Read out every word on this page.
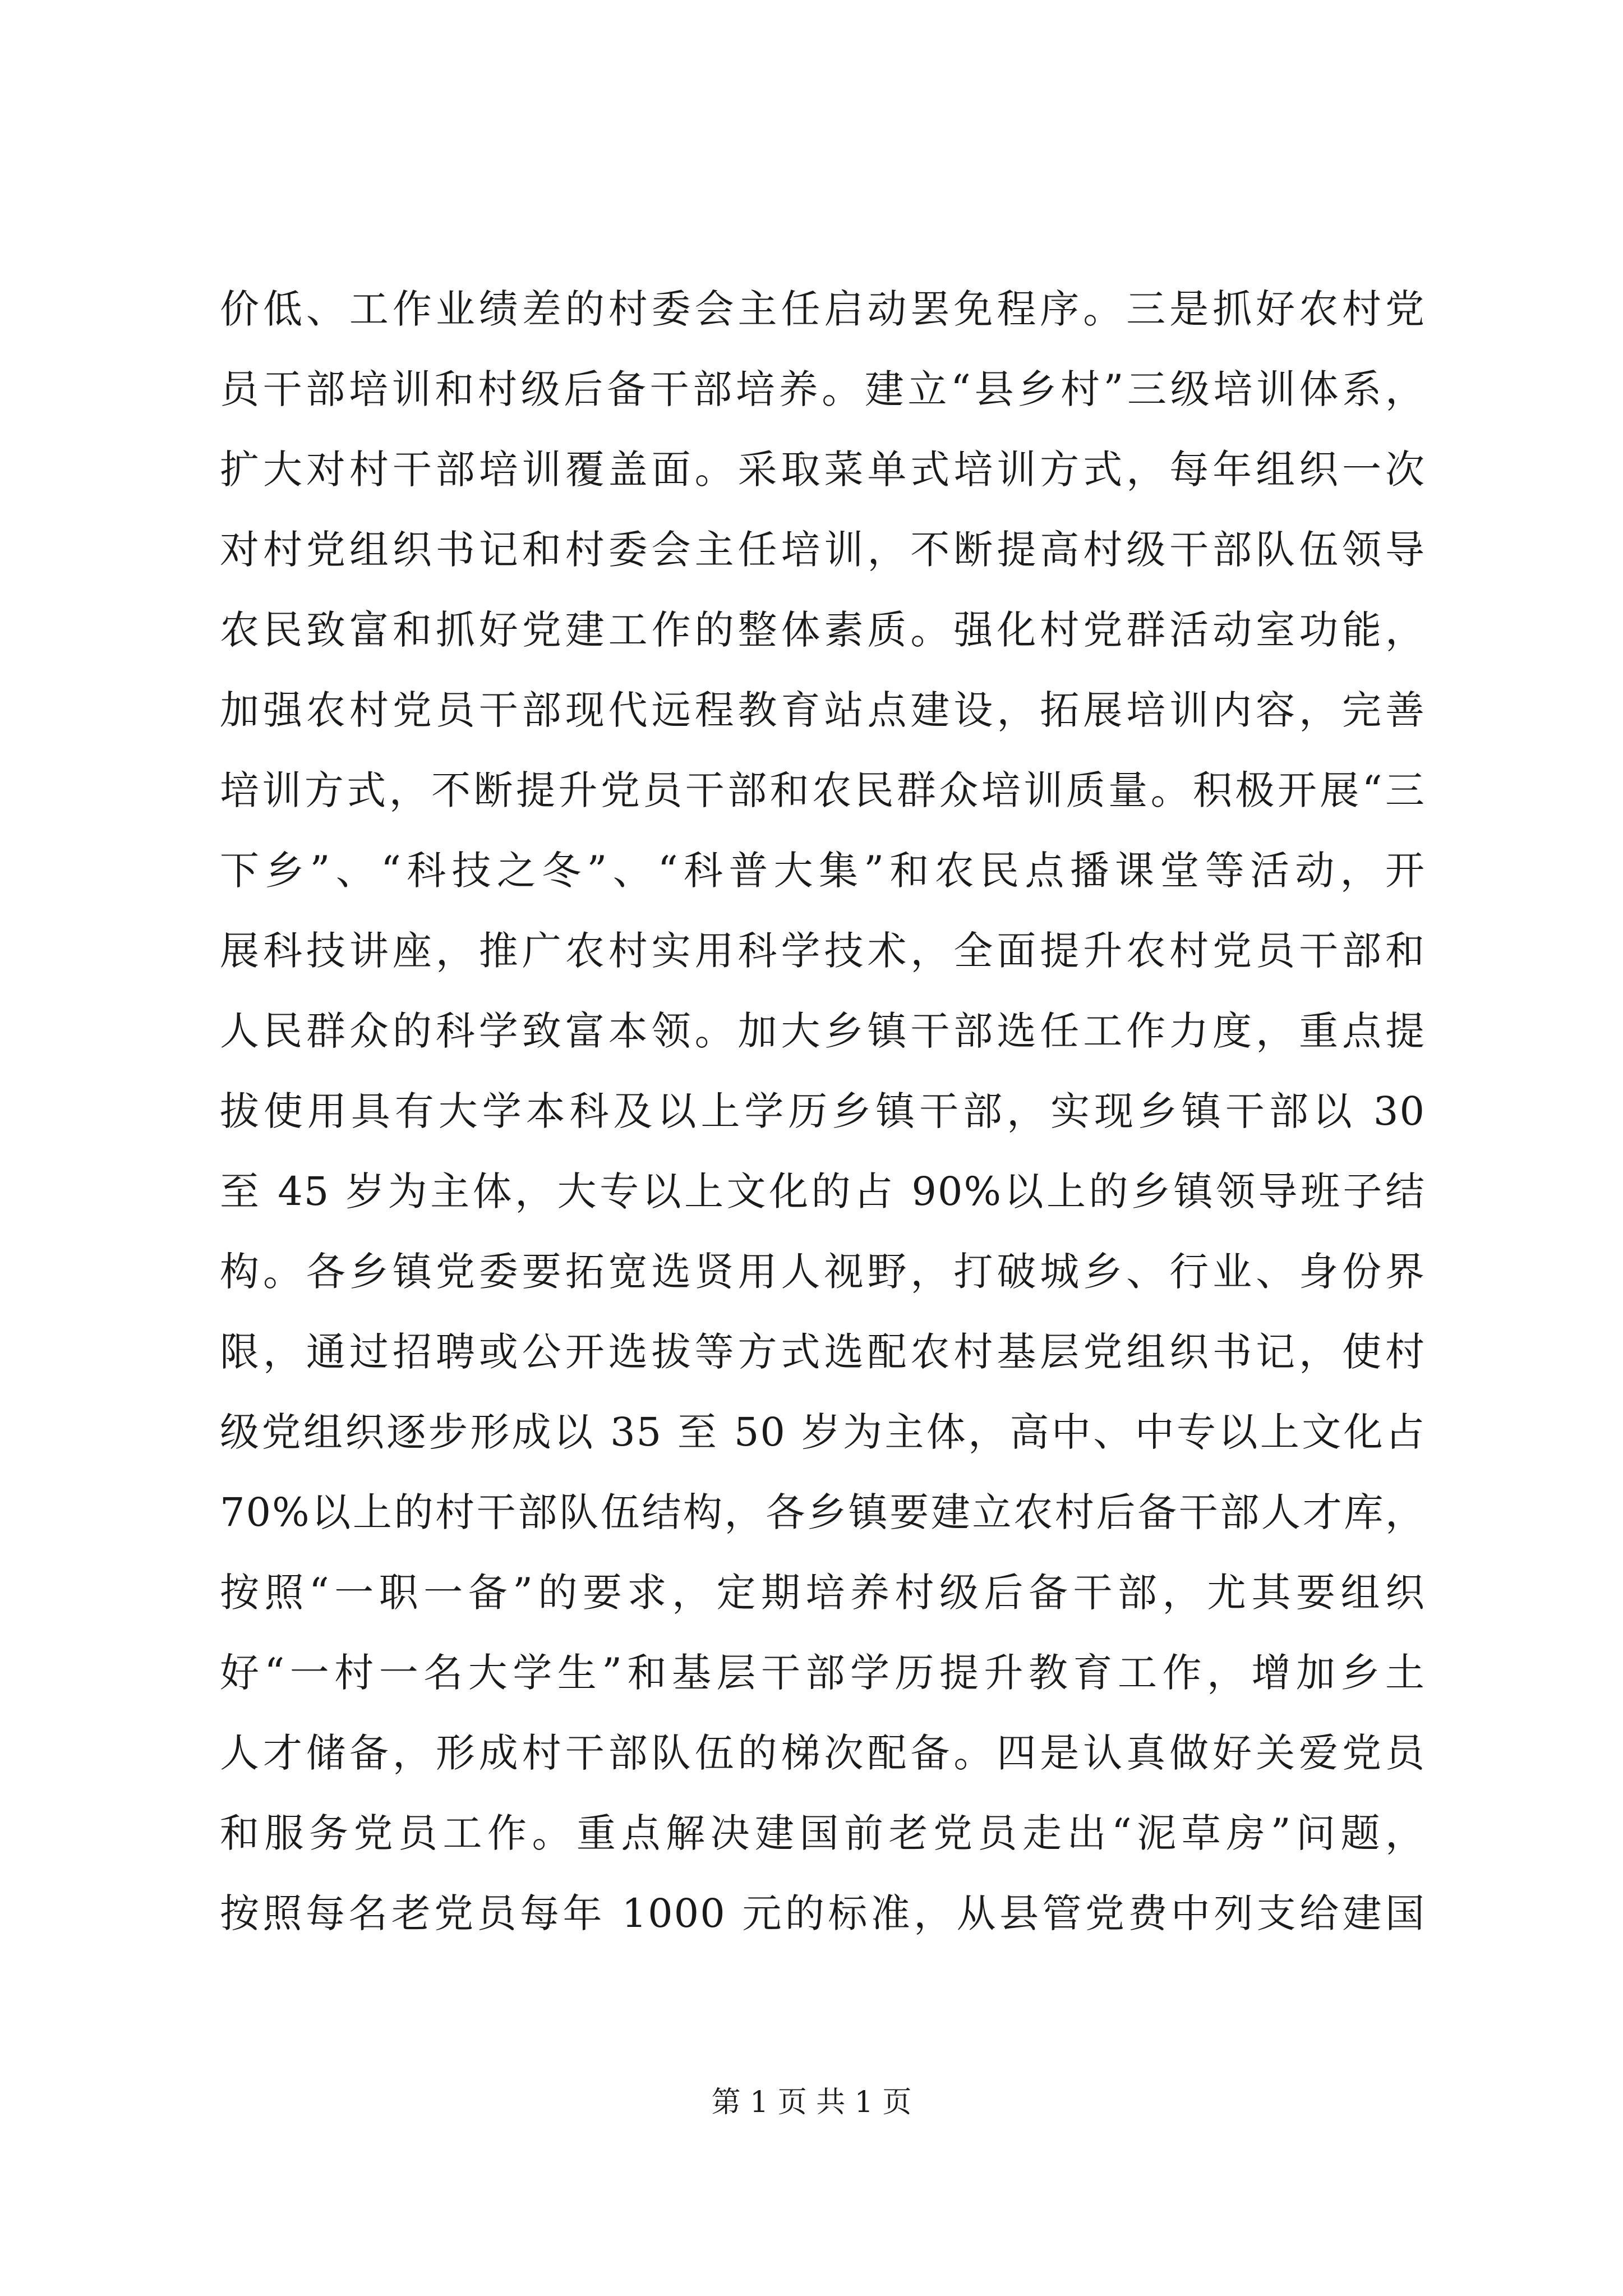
价低、工作业绩差的村委会主任启动罢免程序。三是抓好农村党
员干部培训和村级后备干部培养。建立“县乡村”三级培训体系，
扩大对村干部培训覆盖面。采取菜单式培训方式，每年组织一次
对村党组织书记和村委会主任培训，不断提高村级干部队伍领导
农民致富和抓好党建工作的整体素质。强化村党群活动室功能，
加强农村党员干部现代远程教育站点建设，拓展培训内容，完善
培训方式，不断提升党员干部和农民群众培训质量。积极开展“三
下乡”、“科技之冬”、“科普大集”和农民点播课堂等活动，开
展科技讲座，推广农村实用科学技术，全面提升农村党员干部和
人民群众的科学致富本领。加大乡镇干部选任工作力度，重点提
拔使用具有大学本科及以上学历乡镇干部，实现乡镇干部以 30
至 45 岁为主体，大专以上文化的占 90%以上的乡镇领导班子结
构。各乡镇党委要拓宽选贤用人视野，打破城乡、行业、身份界
限，通过招聘或公开选拔等方式选配农村基层党组织书记，使村
级党组织逐步形成以 35 至 50 岁为主体，高中、中专以上文化占
70%以上的村干部队伍结构，各乡镇要建立农村后备干部人才库，
按照“一职一备”的要求，定期培养村级后备干部，尤其要组织
好“一村一名大学生”和基层干部学历提升教育工作，增加乡土
人才储备，形成村干部队伍的梯次配备。四是认真做好关爱党员
和服务党员工作。重点解决建国前老党员走出“泥草房”问题，
按照每名老党员每年 1000 元的标准，从县管党费中列支给建国
第 1 页 共 1 页
